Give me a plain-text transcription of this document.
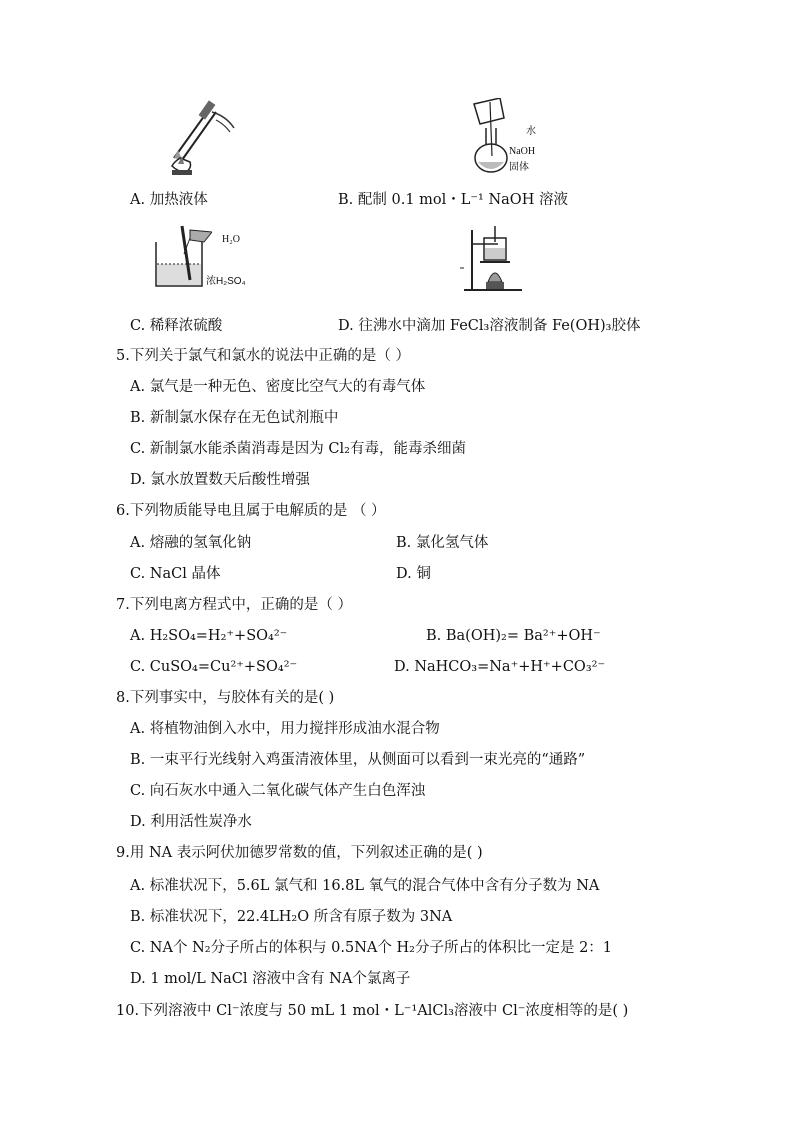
A. 加热液体
水
NaOH
固体
B. 配制 0.1 mol・L⁻¹ NaOH 溶液
H₂O
浓H₂SO₄
C. 稀释浓硫酸	D. 往沸水中滴加 FeCl₃溶液制备 Fe(OH)₃胶体
5.下列关于氯气和氯水的说法中正确的是（ ）
A. 氯气是一种无色、密度比空气大的有毒气体
B. 新制氯水保存在无色试剂瓶中
C. 新制氯水能杀菌消毒是因为 Cl₂有毒，能毒杀细菌
D. 氯水放置数天后酸性增强
6.下列物质能导电且属于电解质的是 （ ）
A. 熔融的氢氧化钠	B. 氯化氢气体
C. NaCl 晶体	D. 铜
7.下列电离方程式中，正确的是（ ）
A. H₂SO₄=H₂⁺+SO₄²⁻	B. Ba(OH)₂= Ba²⁺+OH⁻
C. CuSO₄=Cu²⁺+SO₄²⁻	D. NaHCO₃=Na⁺+H⁺+CO₃²⁻
8.下列事实中，与胶体有关的是( )
A. 将植物油倒入水中，用力搅拌形成油水混合物
B. 一束平行光线射入鸡蛋清液体里，从侧面可以看到一束光亮的“通路”
C. 向石灰水中通入二氧化碳气体产生白色浑浊
D. 利用活性炭净水
9.用 NA 表示阿伏加德罗常数的值，下列叙述正确的是( )
A. 标准状况下，5.6L 氯气和 16.8L 氧气的混合气体中含有分子数为 NA
B. 标准状况下，22.4LH₂O 所含有原子数为 3NA
C. NA个 N₂分子所占的体积与 0.5NA个 H₂分子所占的体积比一定是 2：1
D. 1 mol/L NaCl 溶液中含有 NA个氯离子
10.下列溶液中 Cl⁻浓度与 50 mL 1 mol・L⁻¹AlCl₃溶液中 Cl⁻浓度相等的是( )
